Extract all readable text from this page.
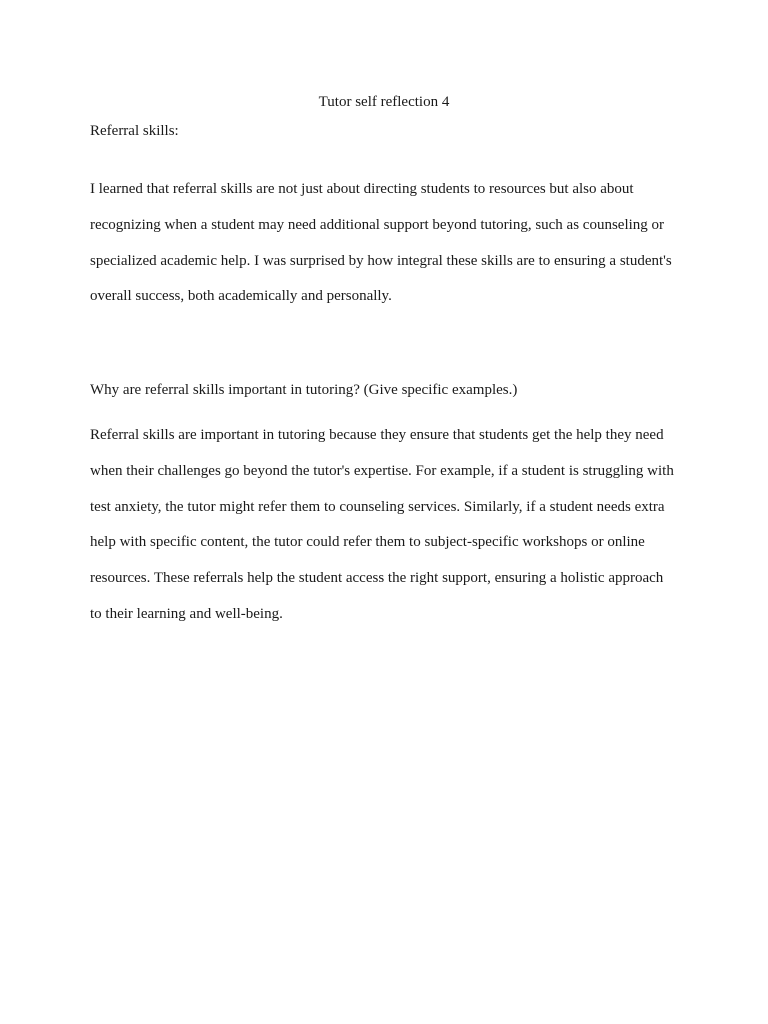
Tutor self reflection 4

Referral skills:

I learned that referral skills are not just about directing students to resources but also about
recognizing when a student may need additional support beyond tutoring, such as counseling or
specialized academic help. I was surprised by how integral these skills are to ensuring a student's
overall success, both academically and personally.

Why are referral skills important in tutoring? (Give specific examples.)

Referral skills are important in tutoring because they ensure that students get the help they need
when their challenges go beyond the tutor's expertise. For example, if a student is struggling with
test anxiety, the tutor might refer them to counseling services. Similarly, if a student needs extra
help with specific content, the tutor could refer them to subject-specific workshops or online
resources. These referrals help the student access the right support, ensuring a holistic approach
to their learning and well-being.
